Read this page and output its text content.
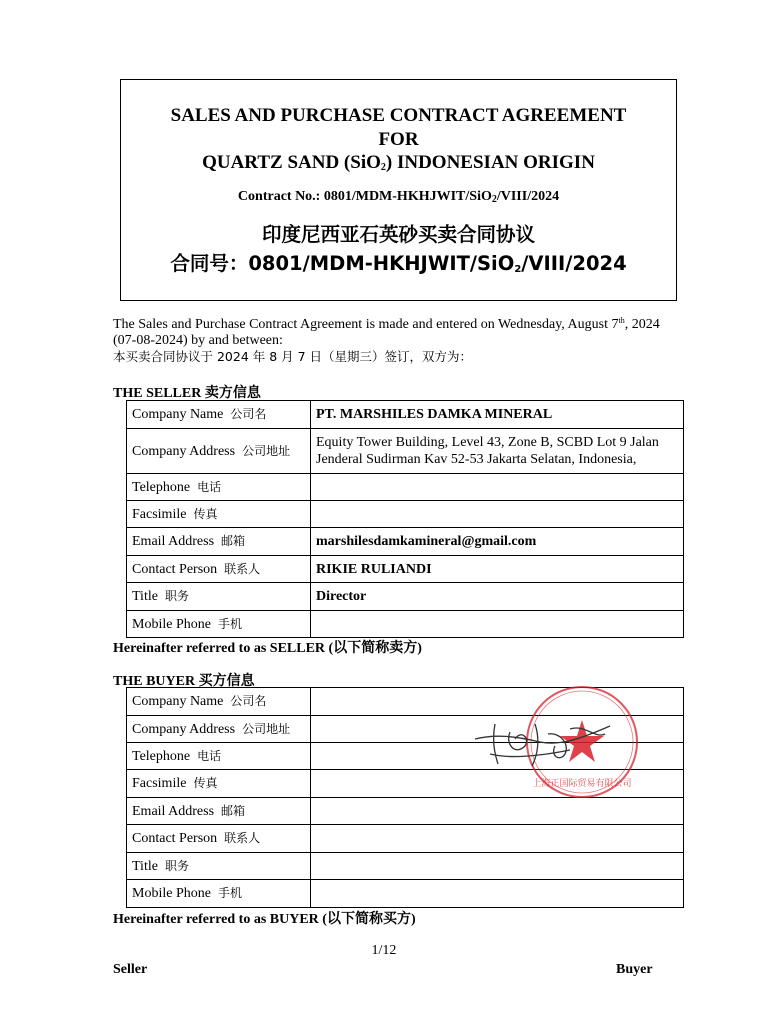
SALES AND PURCHASE CONTRACT AGREEMENT
FOR
QUARTZ SAND (SiO$_2$) INDONESIAN ORIGIN
Contract No.: 0801/MDM-HKHJWIT/SiO$_2$/VIII/2024
印度尼西亚石英砂买卖合同协议
合同号：0801/MDM-HKHJWIT/SiO$_2$/VIII/2024
The Sales and Purchase Contract Agreement is made and entered on Wednesday, August 7th, 2024 (07-08-2024) by and between:
本买卖合同协议于 2024 年 8 月 7 日（星期三）签订，双方为：
THE SELLER 卖方信息
Company Name 公司名	PT. MARSHILES DAMKA MINERAL
Company Address 公司地址	Equity Tower Building, Level 43, Zone B, SCBD Lot 9 Jalan Jenderal Sudirman Kav 52-53 Jakarta Selatan, Indonesia,
Telephone 电话	
Facsimile 传真	
Email Address 邮箱	marshilesdamkamineral@gmail.com
Contact Person 联系人	RIKIE RULIANDI
Title 职务	Director
Mobile Phone 手机	
Hereinafter referred to as SELLER (以下简称卖方)
THE BUYER 买方信息
Company Name 公司名	
Company Address 公司地址	
Telephone 电话	
Facsimile 传真	
Email Address 邮箱	
Contact Person 联系人	
Title 职务	
Mobile Phone 手机	
Hereinafter referred to as BUYER (以下简称买方)
上海正国际贸易有限公司
1/12
Seller	Buyer
